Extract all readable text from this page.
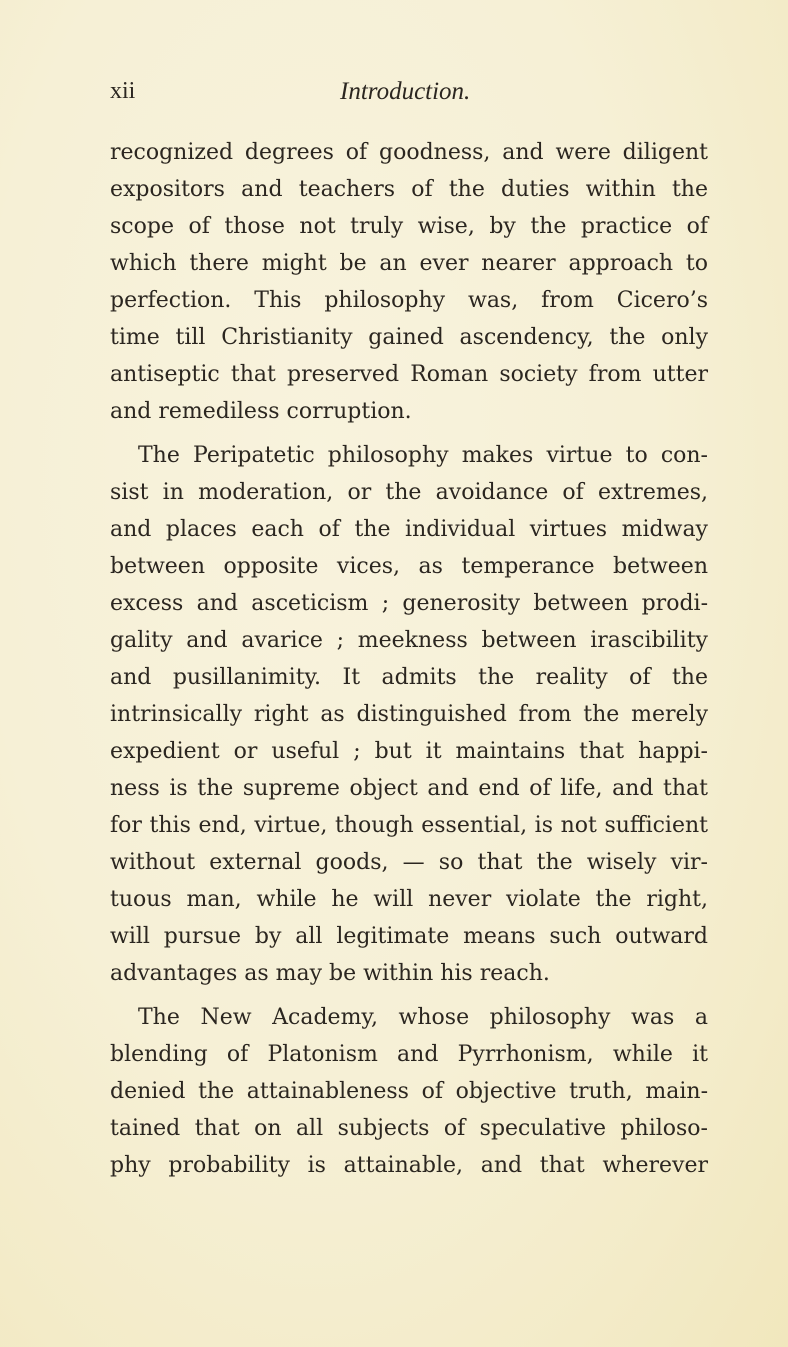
xii	Introduction.
recognized degrees of goodness, and were diligent
expositors and teachers of the duties within the
scope of those not truly wise, by the practice of
which there might be an ever nearer approach to
perfection. This philosophy was, from Cicero’s
time till Christianity gained ascendency, the only
antiseptic that preserved Roman society from utter
and remediless corruption.
The Peripatetic philosophy makes virtue to con-
sist in moderation, or the avoidance of extremes,
and places each of the individual virtues midway
between opposite vices, as temperance between
excess and asceticism ; generosity between prodi-
gality and avarice ; meekness between irascibility
and pusillanimity. It admits the reality of the
intrinsically right as distinguished from the merely
expedient or useful ; but it maintains that happi-
ness is the supreme object and end of life, and that
for this end, virtue, though essential, is not sufficient
without external goods, — so that the wisely vir-
tuous man, while he will never violate the right,
will pursue by all legitimate means such outward
advantages as may be within his reach.
The New Academy, whose philosophy was a
blending of Platonism and Pyrrhonism, while it
denied the attainableness of objective truth, main-
tained that on all subjects of speculative philoso-
phy probability is attainable, and that wherever
